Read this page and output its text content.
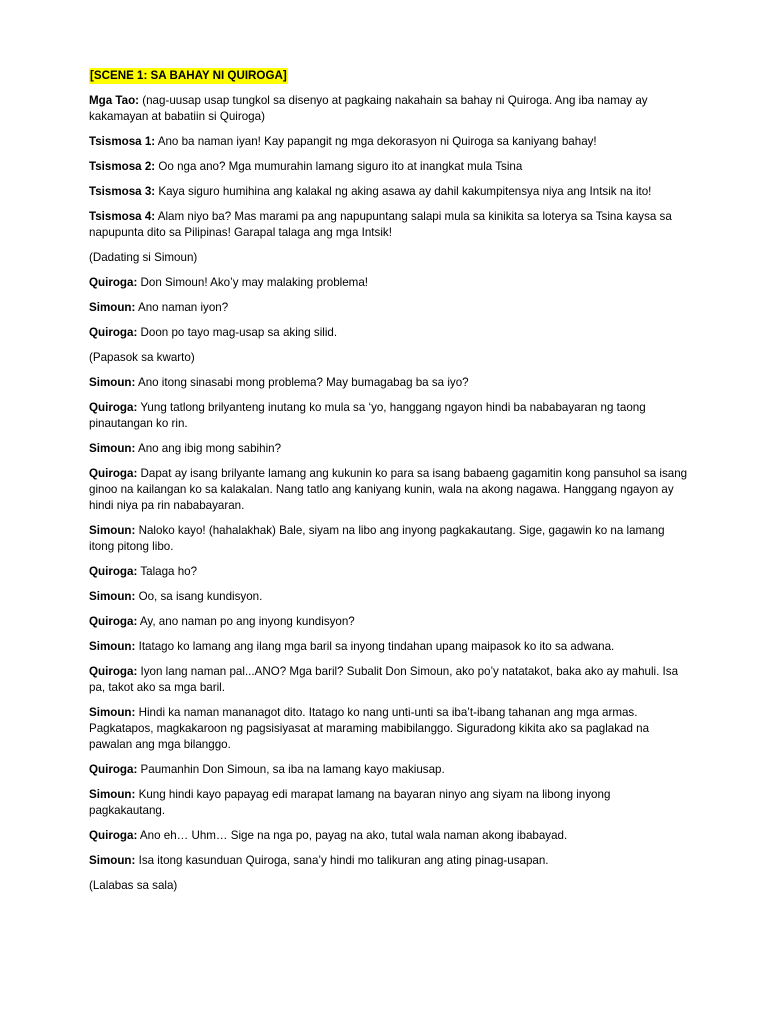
[SCENE 1: SA BAHAY NI QUIROGA]
Mga Tao: (nag-uusap usap tungkol sa disenyo at pagkaing nakahain sa bahay ni Quiroga. Ang iba namay ay kakamayan at babatiin si Quiroga)
Tsismosa 1: Ano ba naman iyan! Kay papangit ng mga dekorasyon ni Quiroga sa kaniyang bahay!
Tsismosa 2: Oo nga ano? Mga mumurahin lamang siguro ito at inangkat mula Tsina
Tsismosa 3: Kaya siguro humihina ang kalakal ng aking asawa ay dahil kakumpitensya niya ang Intsik na ito!
Tsismosa 4: Alam niyo ba? Mas marami pa ang napupuntang salapi mula sa kinikita sa loterya sa Tsina kaysa sa napupunta dito sa Pilipinas! Garapal talaga ang mga Intsik!
(Dadating si Simoun)
Quiroga: Don Simoun! Ako’y may malaking problema!
Simoun: Ano naman iyon?
Quiroga: Doon po tayo mag-usap sa aking silid.
(Papasok sa kwarto)
Simoun: Ano itong sinasabi mong problema? May bumagabag ba sa iyo?
Quiroga: Yung tatlong brilyanteng inutang ko mula sa ‘yo, hanggang ngayon hindi ba nababayaran ng taong pinautangan ko rin.
Simoun: Ano ang ibig mong sabihin?
Quiroga: Dapat ay isang brilyante lamang ang kukunin ko para sa isang babaeng gagamitin kong pansuhol sa isang ginoo na kailangan ko sa kalakalan. Nang tatlo ang kaniyang kunin, wala na akong nagawa. Hanggang ngayon ay hindi niya pa rin nababayaran.
Simoun: Naloko kayo! (hahalakhak) Bale, siyam na libo ang inyong pagkakautang. Sige, gagawin ko na lamang itong pitong libo.
Quiroga: Talaga ho?
Simoun: Oo, sa isang kundisyon.
Quiroga: Ay, ano naman po ang inyong kundisyon?
Simoun: Itatago ko lamang ang ilang mga baril sa inyong tindahan upang maipasok ko ito sa adwana.
Quiroga: Iyon lang naman pal...ANO? Mga baril? Subalit Don Simoun, ako po’y natatakot, baka ako ay mahuli. Isa pa, takot ako sa mga baril.
Simoun: Hindi ka naman mananagot dito. Itatago ko nang unti-unti sa iba’t-ibang tahanan ang mga armas. Pagkatapos, magkakaroon ng pagsisiyasat at maraming mabibilanggo. Siguradong kikita ako sa paglakad na pawalan ang mga bilanggo.
Quiroga: Paumanhin Don Simoun, sa iba na lamang kayo makiusap.
Simoun: Kung hindi kayo papayag edi marapat lamang na bayaran ninyo ang siyam na libong inyong pagkakautang.
Quiroga: Ano eh… Uhm… Sige na nga po, payag na ako, tutal wala naman akong ibabayad.
Simoun: Isa itong kasunduan Quiroga, sana’y hindi mo talikuran ang ating pinag-usapan.
(Lalabas sa sala)
